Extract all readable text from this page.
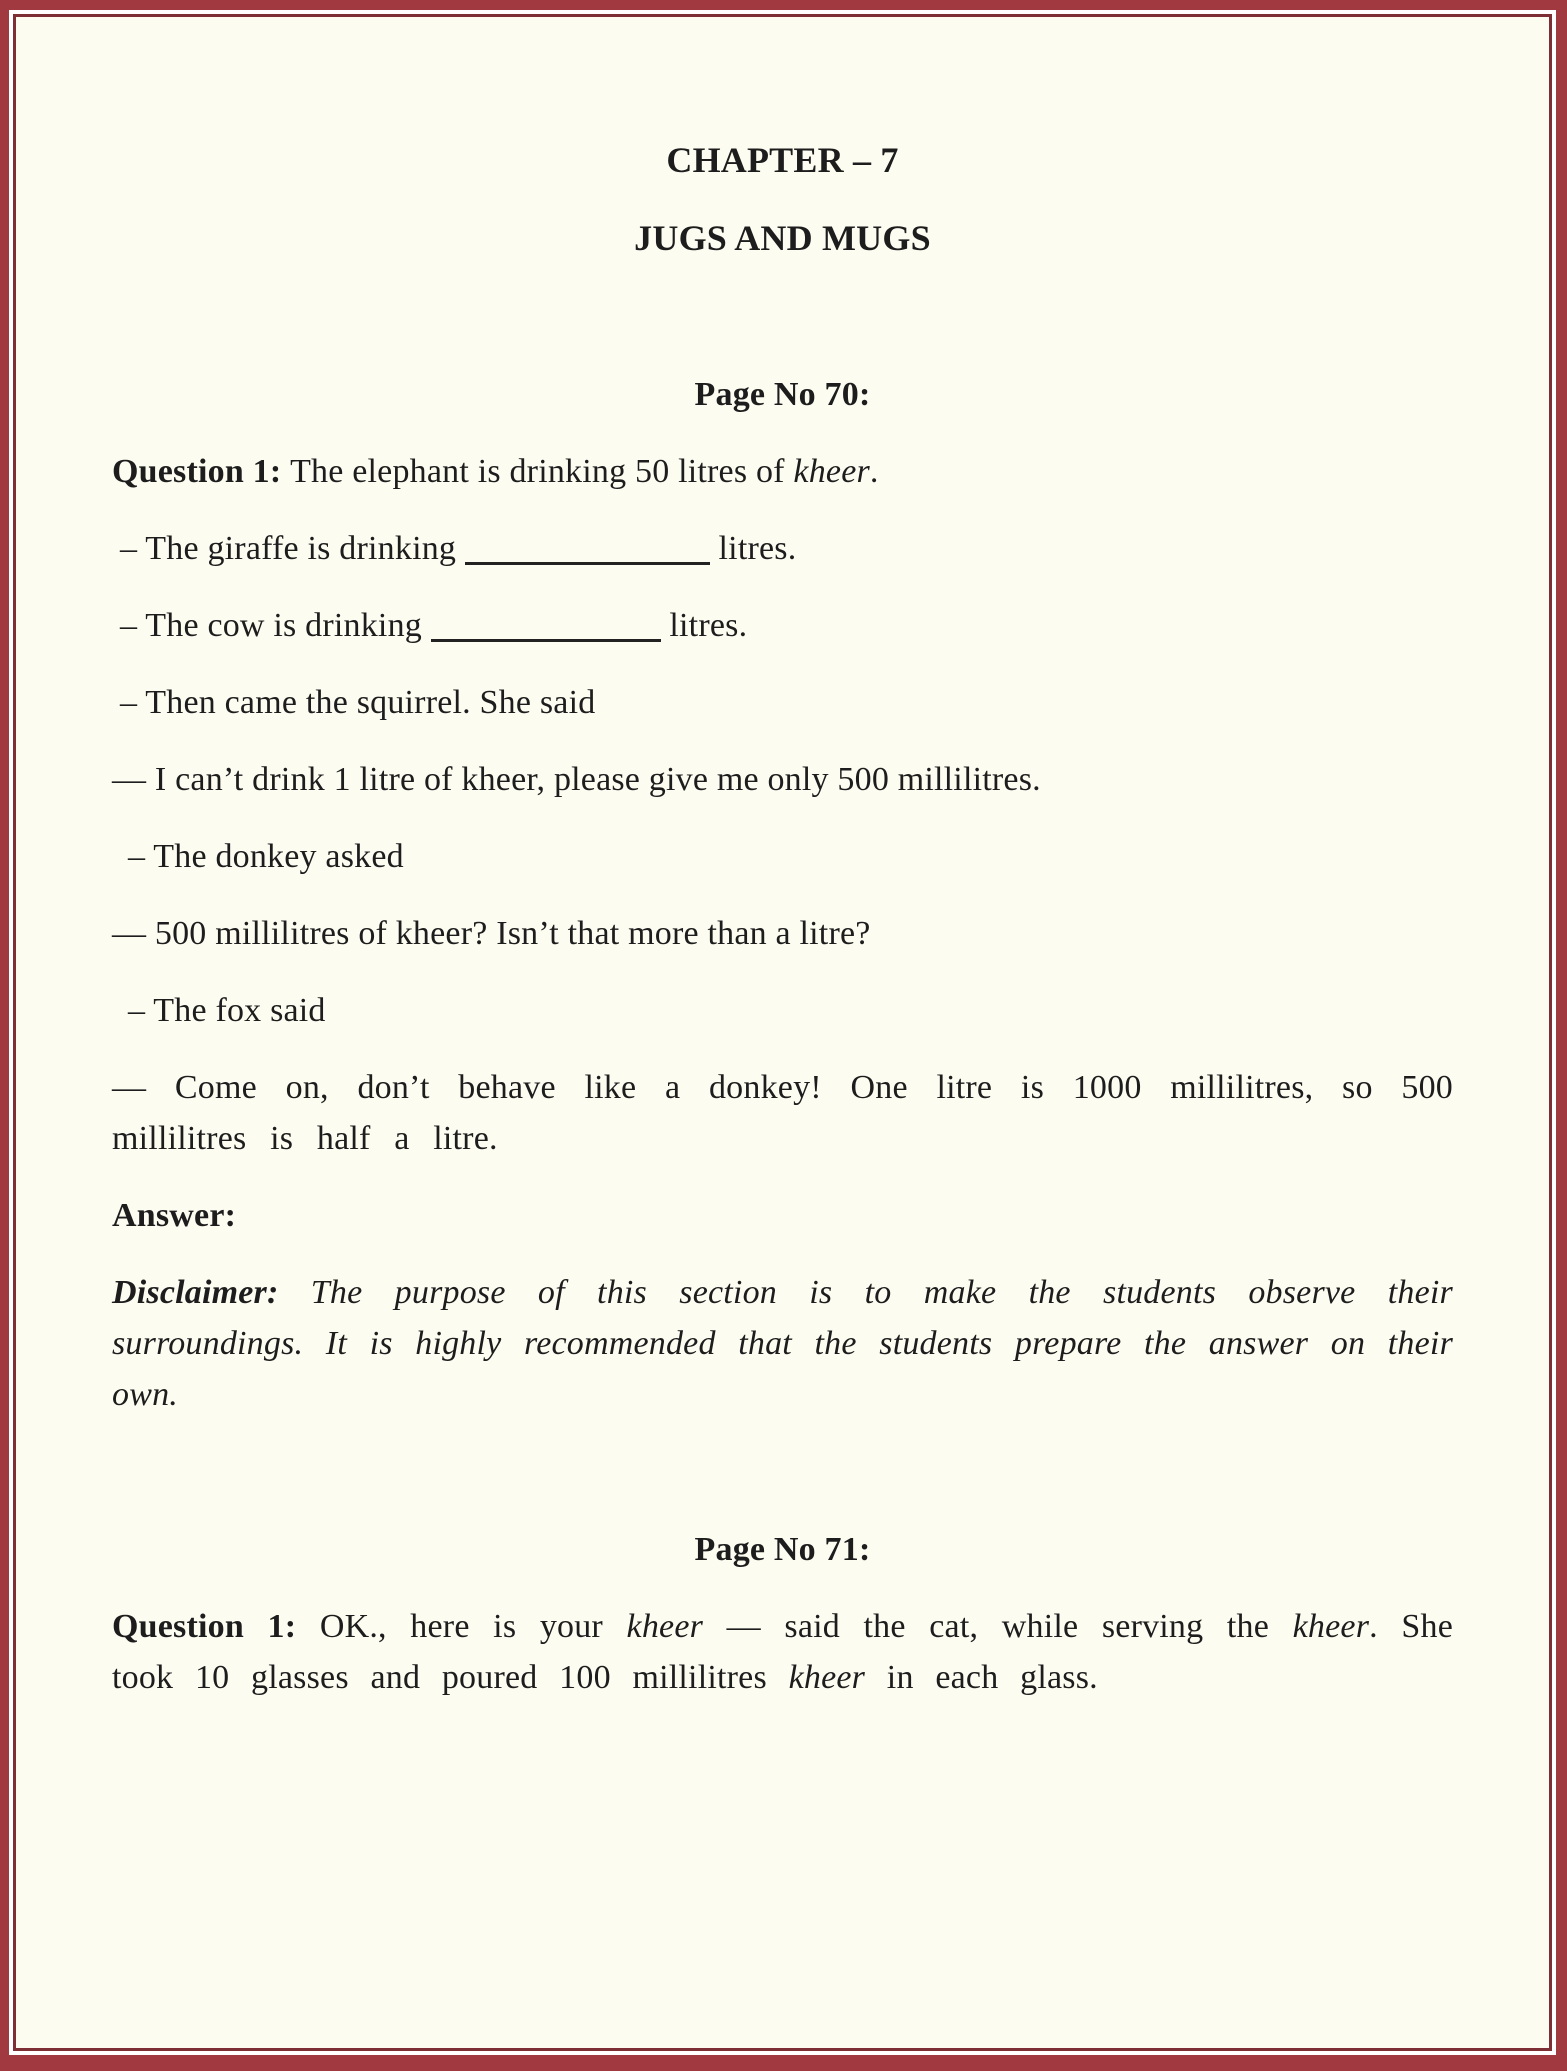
CHAPTER – 7
JUGS AND MUGS

Page No 70:

Question 1: The elephant is drinking 50 litres of kheer.

– The giraffe is drinking	litres.

– The cow is drinking	litres.

– Then came the squirrel. She said

— I can’t drink 1 litre of kheer, please give me only 500 millilitres.

– The donkey asked

— 500 millilitres of kheer? Isn’t that more than a litre?

– The fox said

— Come on, don’t behave like a donkey! One litre is 1000 millilitres, so 500 millilitres is half a litre.

Answer:

Disclaimer: The purpose of this section is to make the students observe their surroundings. It is highly recommended that the students prepare the answer on their own.

Page No 71:

Question 1: OK., here is your kheer — said the cat, while serving the kheer. She took 10 glasses and poured 100 millilitres kheer in each glass.
